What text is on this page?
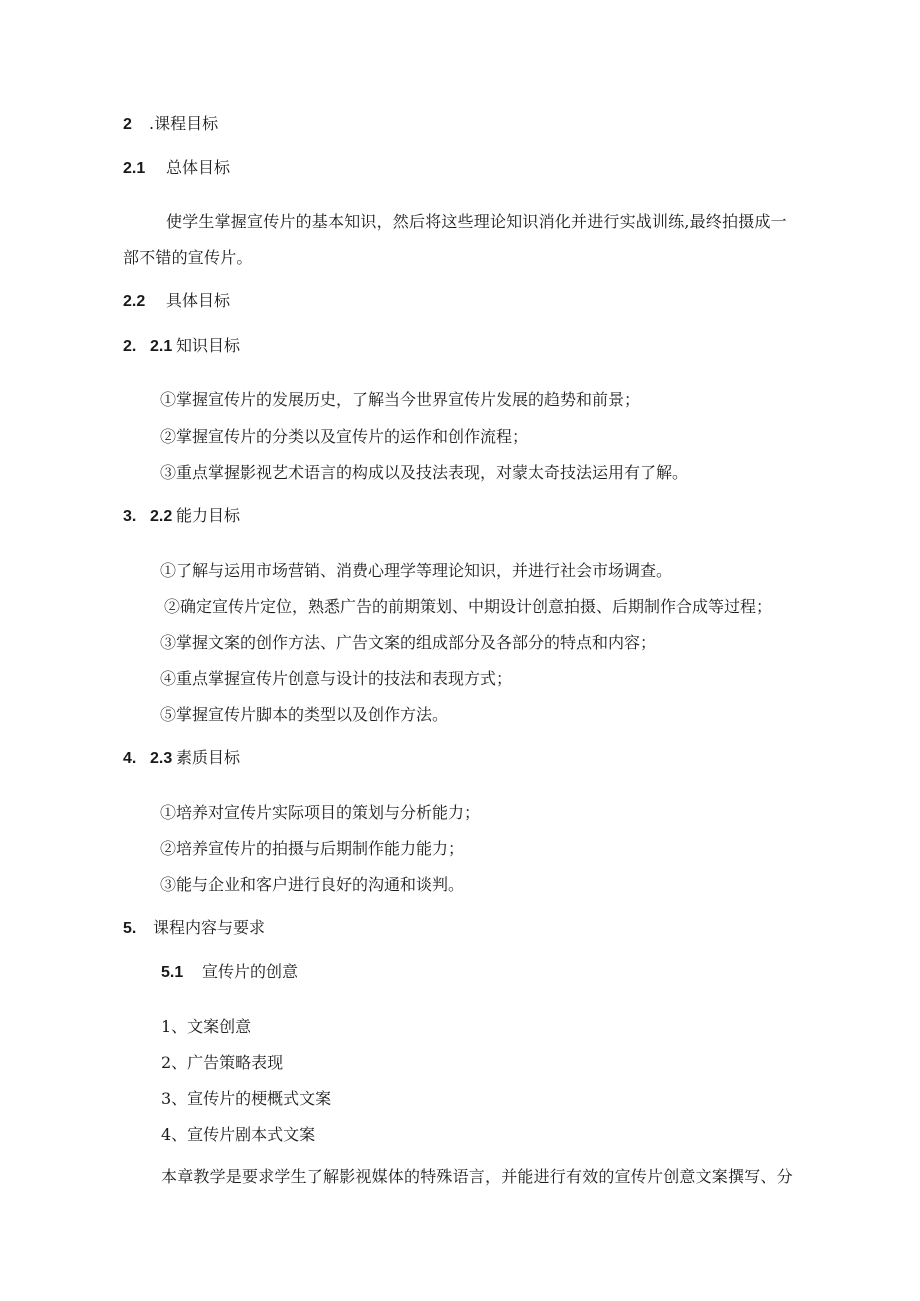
2 .课程目标
2.1 总体目标
使学生掌握宣传片的基本知识，然后将这些理论知识消化并进行实战训练,最终拍摄成一
部不错的宣传片。
2.2 具体目标
2. 2.1 知识目标
①掌握宣传片的发展历史，了解当今世界宣传片发展的趋势和前景；
②掌握宣传片的分类以及宣传片的运作和创作流程；
③重点掌握影视艺术语言的构成以及技法表现，对蒙太奇技法运用有了解。
3. 2.2 能力目标
①了解与运用市场营销、消费心理学等理论知识，并进行社会市场调查。
②确定宣传片定位，熟悉广告的前期策划、中期设计创意拍摄、后期制作合成等过程；
③掌握文案的创作方法、广告文案的组成部分及各部分的特点和内容；
④重点掌握宣传片创意与设计的技法和表现方式；
⑤掌握宣传片脚本的类型以及创作方法。
4. 2.3 素质目标
①培养对宣传片实际项目的策划与分析能力；
②培养宣传片的拍摄与后期制作能力能力；
③能与企业和客户进行良好的沟通和谈判。
5. 课程内容与要求
5.1 宣传片的创意
1、文案创意
2、广告策略表现
3、宣传片的梗概式文案
4、宣传片剧本式文案
本章教学是要求学生了解影视媒体的特殊语言，并能进行有效的宣传片创意文案撰写、分
